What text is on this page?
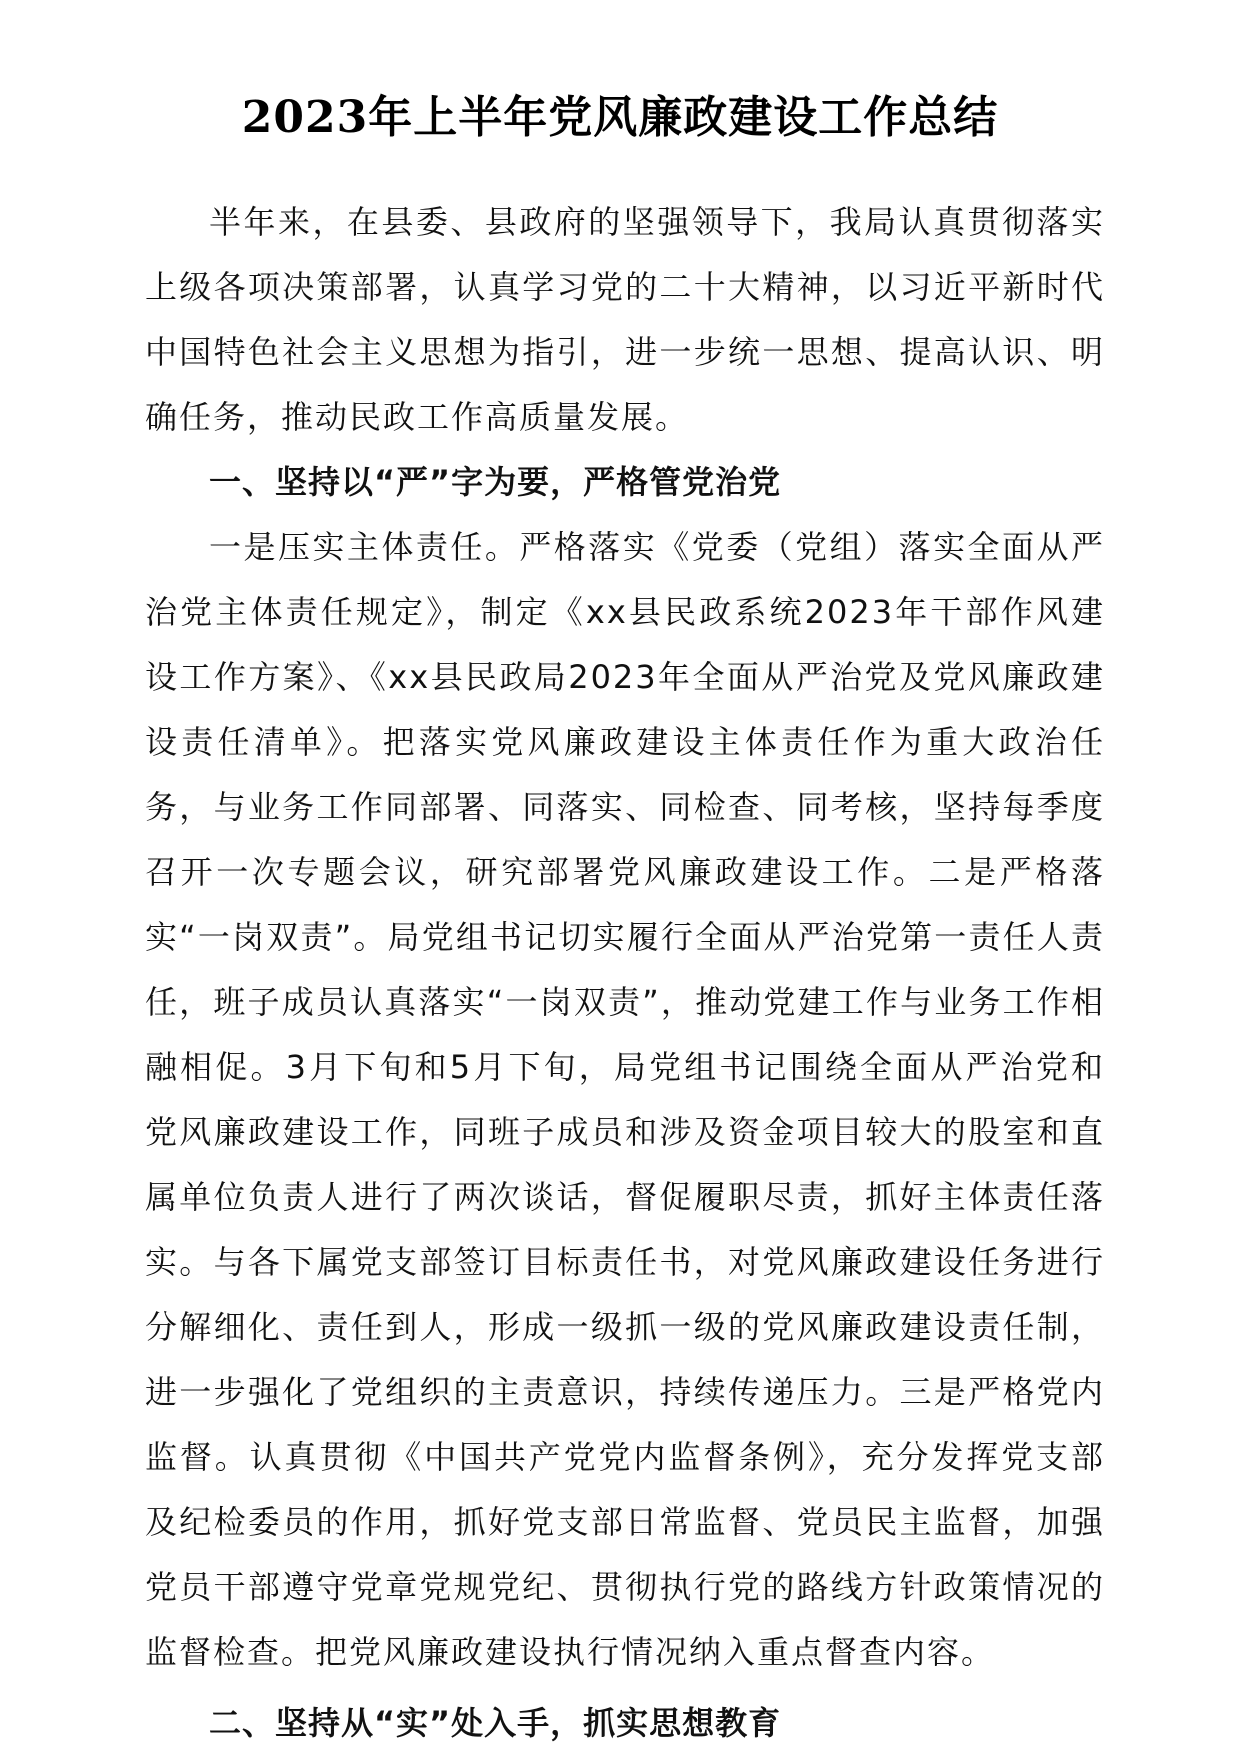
2023年上半年党风廉政建设工作总结

半年来，在县委、县政府的坚强领导下，我局认真贯彻落实上级各项决策部署，认真学习党的二十大精神，以习近平新时代中国特色社会主义思想为指引，进一步统一思想、提高认识、明确任务，推动民政工作高质量发展。

一、坚持以“严”字为要，严格管党治党

一是压实主体责任。严格落实《党委（党组）落实全面从严治党主体责任规定》，制定《xx县民政系统2023年干部作风建设工作方案》、《xx县民政局2023年全面从严治党及党风廉政建设责任清单》。把落实党风廉政建设主体责任作为重大政治任务，与业务工作同部署、同落实、同检查、同考核，坚持每季度召开一次专题会议，研究部署党风廉政建设工作。二是严格落实“一岗双责”。局党组书记切实履行全面从严治党第一责任人责任，班子成员认真落实“一岗双责”，推动党建工作与业务工作相融相促。3月下旬和5月下旬，局党组书记围绕全面从严治党和党风廉政建设工作，同班子成员和涉及资金项目较大的股室和直属单位负责人进行了两次谈话，督促履职尽责，抓好主体责任落实。与各下属党支部签订目标责任书，对党风廉政建设任务进行分解细化、责任到人，形成一级抓一级的党风廉政建设责任制，进一步强化了党组织的主责意识，持续传递压力。三是严格党内监督。认真贯彻《中国共产党党内监督条例》，充分发挥党支部及纪检委员的作用，抓好党支部日常监督、党员民主监督，加强党员干部遵守党章党规党纪、贯彻执行党的路线方针政策情况的监督检查。把党风廉政建设执行情况纳入重点督查内容。

二、坚持从“实”处入手，抓实思想教育
